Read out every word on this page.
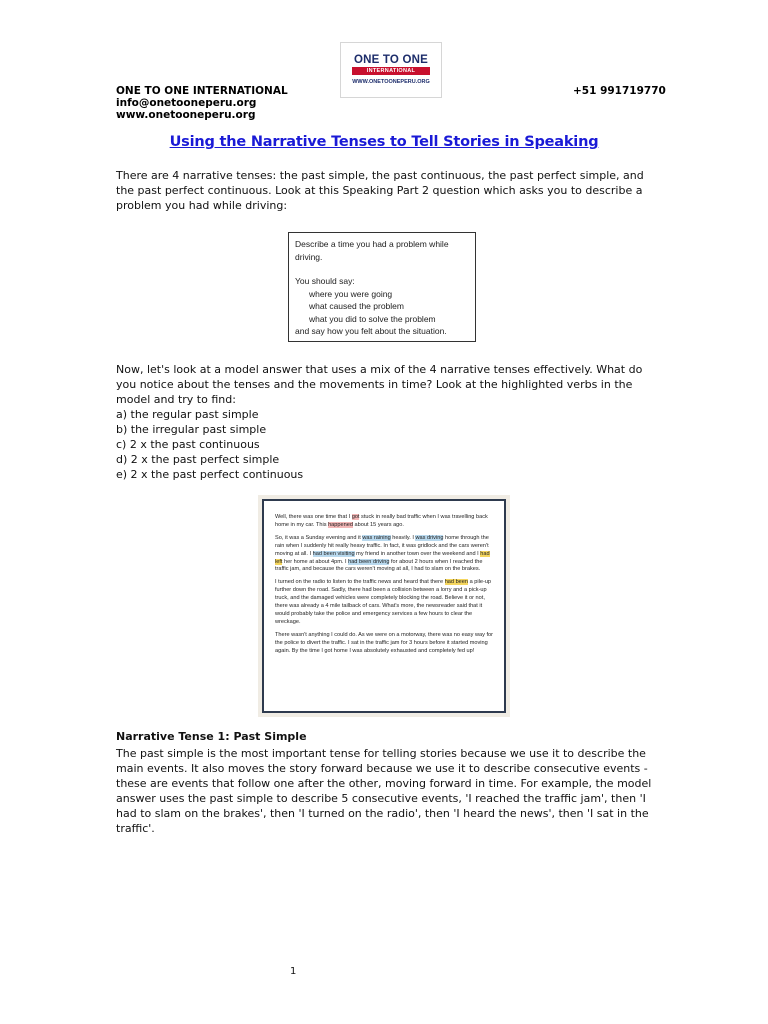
ONE TO ONE
INTERNATIONAL
WWW.ONETOONEPERU.ORG
ONE TO ONE INTERNATIONAL
info@onetooneperu.org
www.onetooneperu.org
+51 991719770
Using the Narrative Tenses to Tell Stories in Speaking
There are 4 narrative tenses: the past simple, the past continuous, the past perfect simple, and the past perfect continuous. Look at this Speaking Part 2 question which asks you to describe a problem you had while driving:
Describe a time you had a problem while driving.
You should say:
where you were going
what caused the problem
what you did to solve the problem
and say how you felt about the situation.
Now, let's look at a model answer that uses a mix of the 4 narrative tenses effectively. What do you notice about the tenses and the movements in time? Look at the highlighted verbs in the model and try to find:
a) the regular past simple
b) the irregular past simple
c) 2 x the past continuous
d) 2 x the past perfect simple
e) 2 x the past perfect continuous

Well, there was one time that I got stuck in really bad traffic when I was travelling back home in my car. This happened about 15 years ago.

So, it was a Sunday evening and it was raining heavily. I was driving home through the rain when I suddenly hit really heavy traffic. In fact, it was gridlock and the cars weren't moving at all. I had been visiting my friend in another town over the weekend and I had left her home at about 4pm. I had been driving for about 2 hours when I reached the traffic jam, and because the cars weren't moving at all, I had to slam on the brakes.

I turned on the radio to listen to the traffic news and heard that there had been a pile-up further down the road. Sadly, there had been a collision between a lorry and a pick-up truck, and the damaged vehicles were completely blocking the road. Believe it or not, there was already a 4 mile tailback of cars. What's more, the newsreader said that it would probably take the police and emergency services a few hours to clear the wreckage.

There wasn't anything I could do. As we were on a motorway, there was no easy way for the police to divert the traffic. I sat in the traffic jam for 3 hours before it started moving again. By the time I got home I was absolutely exhausted and completely fed up!

Narrative Tense 1: Past Simple
The past simple is the most important tense for telling stories because we use it to describe the main events. It also moves the story forward because we use it to describe consecutive events - these are events that follow one after the other, moving forward in time. For example, the model answer uses the past simple to describe 5 consecutive events, 'I reached the traffic jam', then 'I had to slam on the brakes', then 'I turned on the radio', then 'I heard the news', then 'I sat in the traffic'.
1
